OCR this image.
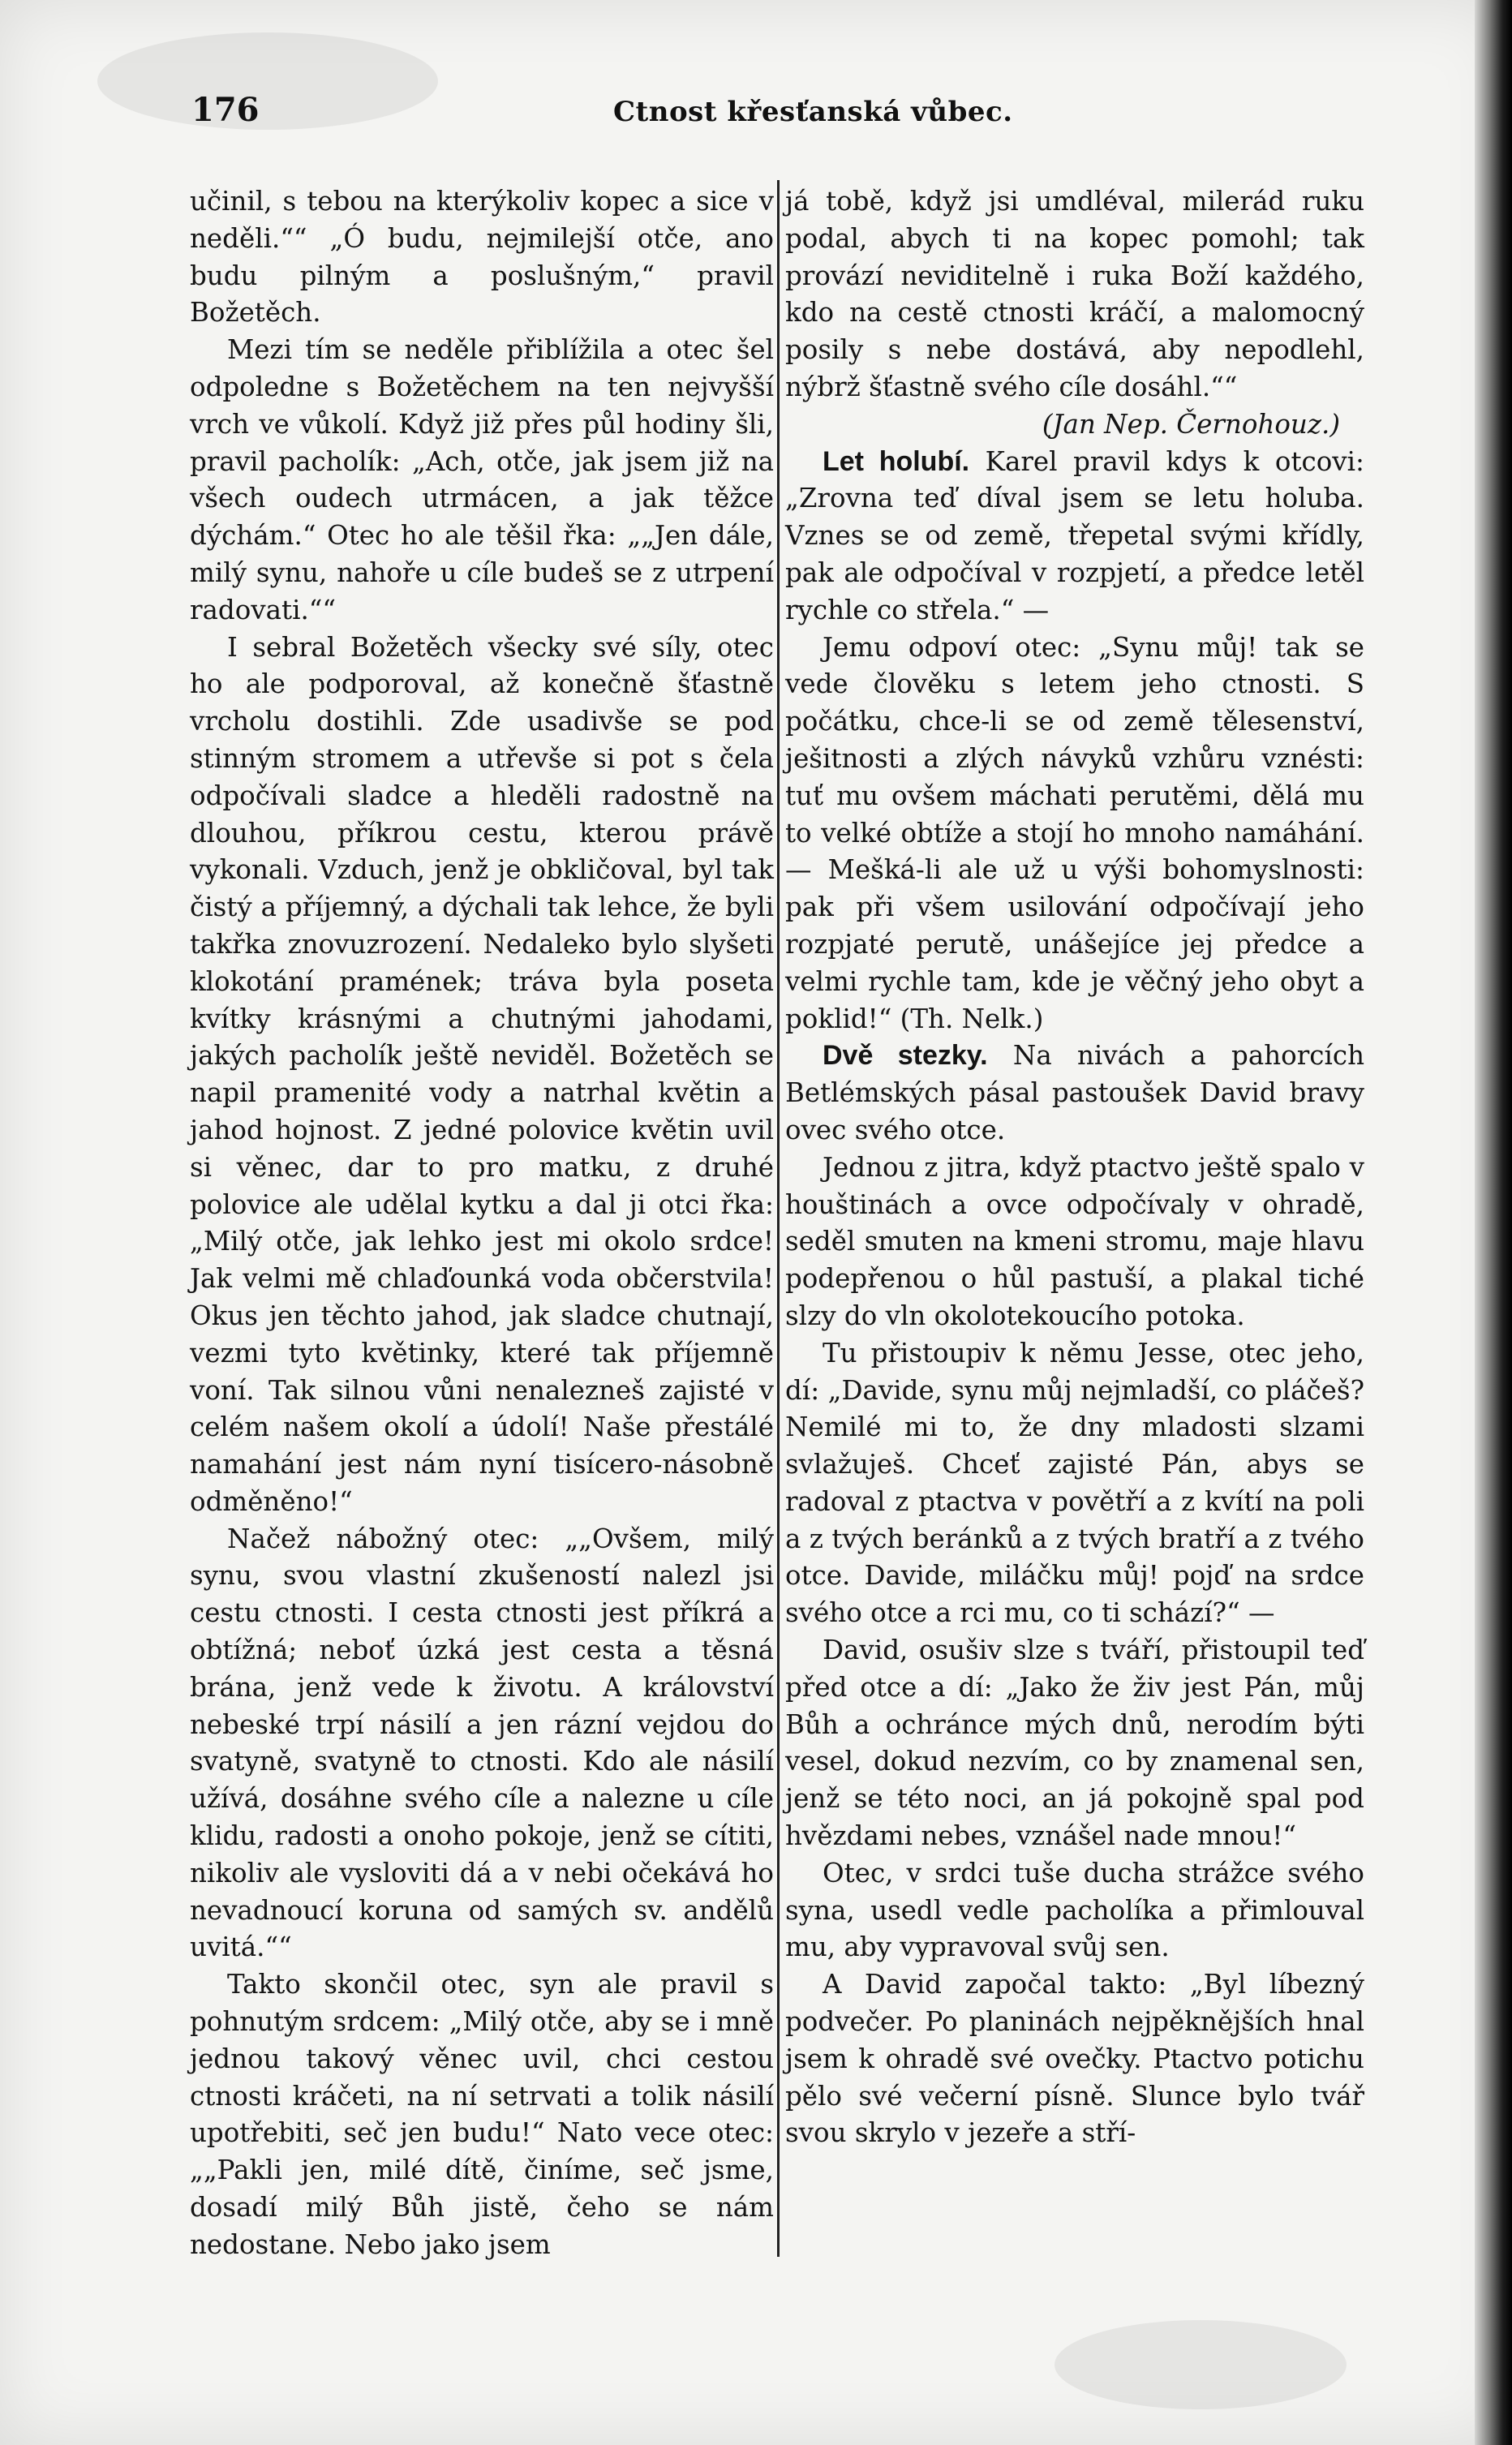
176	Ctnost křesťanská vůbec.

učinil, s tebou na kterýkoliv kopec a sice v neděli.““ „Ó budu, nejmilejší otče, ano budu pilným a poslušným,“ pravil Božetěch.

Mezi tím se neděle přiblížila a otec šel odpoledne s Božetěchem na ten nejvyšší vrch ve vůkolí. Když již přes půl hodiny šli, pravil pacholík: „Ach, otče, jak jsem již na všech oudech utrmácen, a jak těžce dýchám.“ Otec ho ale těšil řka: „„Jen dále, milý synu, nahoře u cíle budeš se z utrpení radovati.““

I sebral Božetěch všecky své síly, otec ho ale podporoval, až konečně šťastně vrcholu dostihli. Zde usadivše se pod stinným stromem a utřevše si pot s čela odpočívali sladce a hleděli radostně na dlouhou, příkrou cestu, kterou právě vykonali. Vzduch, jenž je obkličoval, byl tak čistý a příjemný, a dýchali tak lehce, že byli takřka znovuzrození. Nedaleko bylo slyšeti klokotání pramének; tráva byla poseta kvítky krásnými a chutnými jahodami, jakých pacholík ještě neviděl. Božetěch se napil pramenité vody a natrhal květin a jahod hojnost. Z jedné polovice květin uvil si věnec, dar to pro matku, z druhé polovice ale udělal kytku a dal ji otci řka: „Milý otče, jak lehko jest mi okolo srdce! Jak velmi mě chlaďounká voda občerstvila! Okus jen těchto jahod, jak sladce chutnají, vezmi tyto květinky, které tak příjemně voní. Tak silnou vůni nenalezneš zajisté v celém našem okolí a údolí! Naše přestálé namahání jest nám nyní tisícero-násobně odměněno!“

Načež nábožný otec: „„Ovšem, milý synu, svou vlastní zkušeností nalezl jsi cestu ctnosti. I cesta ctnosti jest příkrá a obtížná; neboť úzká jest cesta a těsná brána, jenž vede k životu. A království nebeské trpí násilí a jen rázní vejdou do svatyně, svatyně to ctnosti. Kdo ale násilí užívá, dosáhne svého cíle a nalezne u cíle klidu, radosti a onoho pokoje, jenž se cítiti, nikoliv ale vysloviti dá a v nebi očekává ho nevadnoucí koruna od samých sv. andělů uvitá.““

Takto skončil otec, syn ale pravil s pohnutým srdcem: „Milý otče, aby se i mně jednou takový věnec uvil, chci cestou ctnosti kráčeti, na ní setrvati a tolik násilí upotřebiti, seč jen budu!“ Nato vece otec: „„Pakli jen, milé dítě, činíme, seč jsme, dosadí milý Bůh jistě, čeho se nám nedostane. Nebo jako jsem

já tobě, když jsi umdléval, milerád ruku podal, abych ti na kopec pomohl; tak provází neviditelně i ruka Boží každého, kdo na cestě ctnosti kráčí, a malomocný posily s nebe dostává, aby nepodlehl, nýbrž šťastně svého cíle dosáhl.““

(Jan Nep. Černohouz.)

Let holubí. Karel pravil kdys k otcovi: „Zrovna teď díval jsem se letu holuba. Vznes se od země, třepetal svými křídly, pak ale odpočíval v rozpjetí, a předce letěl rychle co střela.“ —

Jemu odpoví otec: „Synu můj! tak se vede člověku s letem jeho ctnosti. S počátku, chce-li se od země tělesenství, ješitnosti a zlých návyků vzhůru vznésti: tuť mu ovšem máchati perutěmi, dělá mu to velké obtíže a stojí ho mnoho namáhání. — Mešká-li ale už u výši bohomyslnosti: pak při všem usilování odpočívají jeho rozpjaté perutě, unášejíce jej předce a velmi rychle tam, kde je věčný jeho obyt a poklid!“ (Th. Nelk.)

Dvě stezky. Na nivách a pahorcích Betlémských pásal pastoušek David bravy ovec svého otce.

Jednou z jitra, když ptactvo ještě spalo v houštinách a ovce odpočívaly v ohradě, seděl smuten na kmeni stromu, maje hlavu podepřenou o hůl pastuší, a plakal tiché slzy do vln okolotekoucího potoka.

Tu přistoupiv k němu Jesse, otec jeho, dí: „Davide, synu můj nejmladší, co pláčeš? Nemilé mi to, že dny mladosti slzami svlažuješ. Chceť zajisté Pán, abys se radoval z ptactva v povětří a z kvítí na poli a z tvých beránků a z tvých bratří a z tvého otce. Davide, miláčku můj! pojď na srdce svého otce a rci mu, co ti schází?“ —

David, osušiv slze s tváří, přistoupil teď před otce a dí: „Jako že živ jest Pán, můj Bůh a ochránce mých dnů, nerodím býti vesel, dokud nezvím, co by znamenal sen, jenž se této noci, an já pokojně spal pod hvězdami nebes, vznášel nade mnou!“

Otec, v srdci tuše ducha strážce svého syna, usedl vedle pacholíka a přimlouval mu, aby vypravoval svůj sen.

A David započal takto: „Byl líbezný podvečer. Po planinách nejpěknějších hnal jsem k ohradě své ovečky. Ptactvo potichu pělo své večerní písně. Slunce bylo tvář svou skrylo v jezeře a stří-
